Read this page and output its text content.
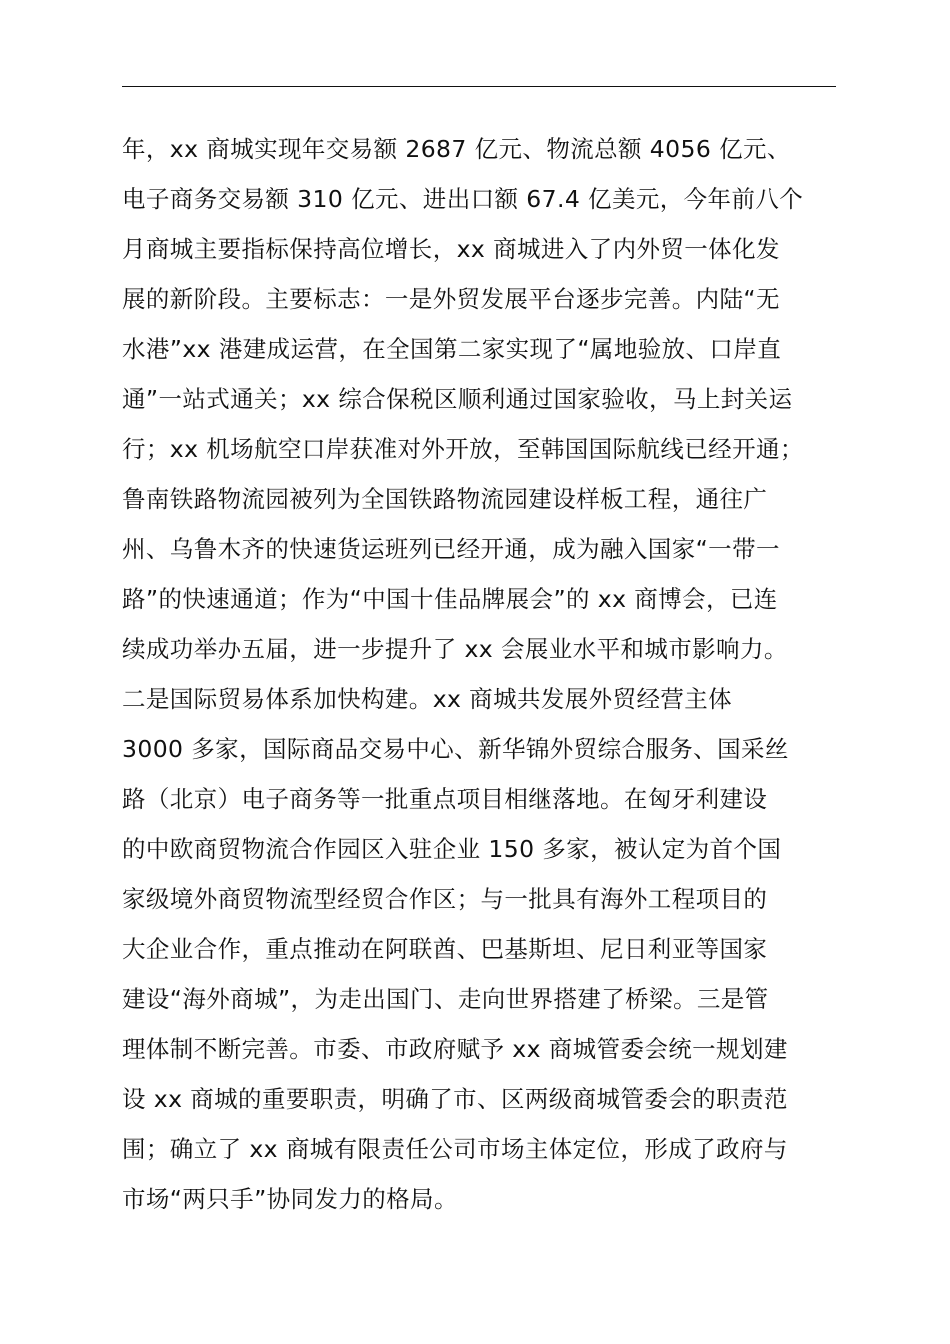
年，xx 商城实现年交易额 2687 亿元、物流总额 4056 亿元、
电子商务交易额 310 亿元、进出口额 67.4 亿美元，今年前八个
月商城主要指标保持高位增长，xx 商城进入了内外贸一体化发
展的新阶段。主要标志：一是外贸发展平台逐步完善。内陆“无
水港”xx 港建成运营，在全国第二家实现了“属地验放、口岸直
通”一站式通关；xx 综合保税区顺利通过国家验收，马上封关运
行；xx 机场航空口岸获准对外开放，至韩国国际航线已经开通；
鲁南铁路物流园被列为全国铁路物流园建设样板工程，通往广
州、乌鲁木齐的快速货运班列已经开通，成为融入国家“一带一
路”的快速通道；作为“中国十佳品牌展会”的 xx 商博会，已连
续成功举办五届，进一步提升了 xx 会展业水平和城市影响力。
二是国际贸易体系加快构建。xx 商城共发展外贸经营主体
3000 多家，国际商品交易中心、新华锦外贸综合服务、国采丝
路（北京）电子商务等一批重点项目相继落地。在匈牙利建设
的中欧商贸物流合作园区入驻企业 150 多家，被认定为首个国
家级境外商贸物流型经贸合作区；与一批具有海外工程项目的
大企业合作，重点推动在阿联酋、巴基斯坦、尼日利亚等国家
建设“海外商城”，为走出国门、走向世界搭建了桥梁。三是管
理体制不断完善。市委、市政府赋予 xx 商城管委会统一规划建
设 xx 商城的重要职责，明确了市、区两级商城管委会的职责范
围；确立了 xx 商城有限责任公司市场主体定位，形成了政府与
市场“两只手”协同发力的格局。
